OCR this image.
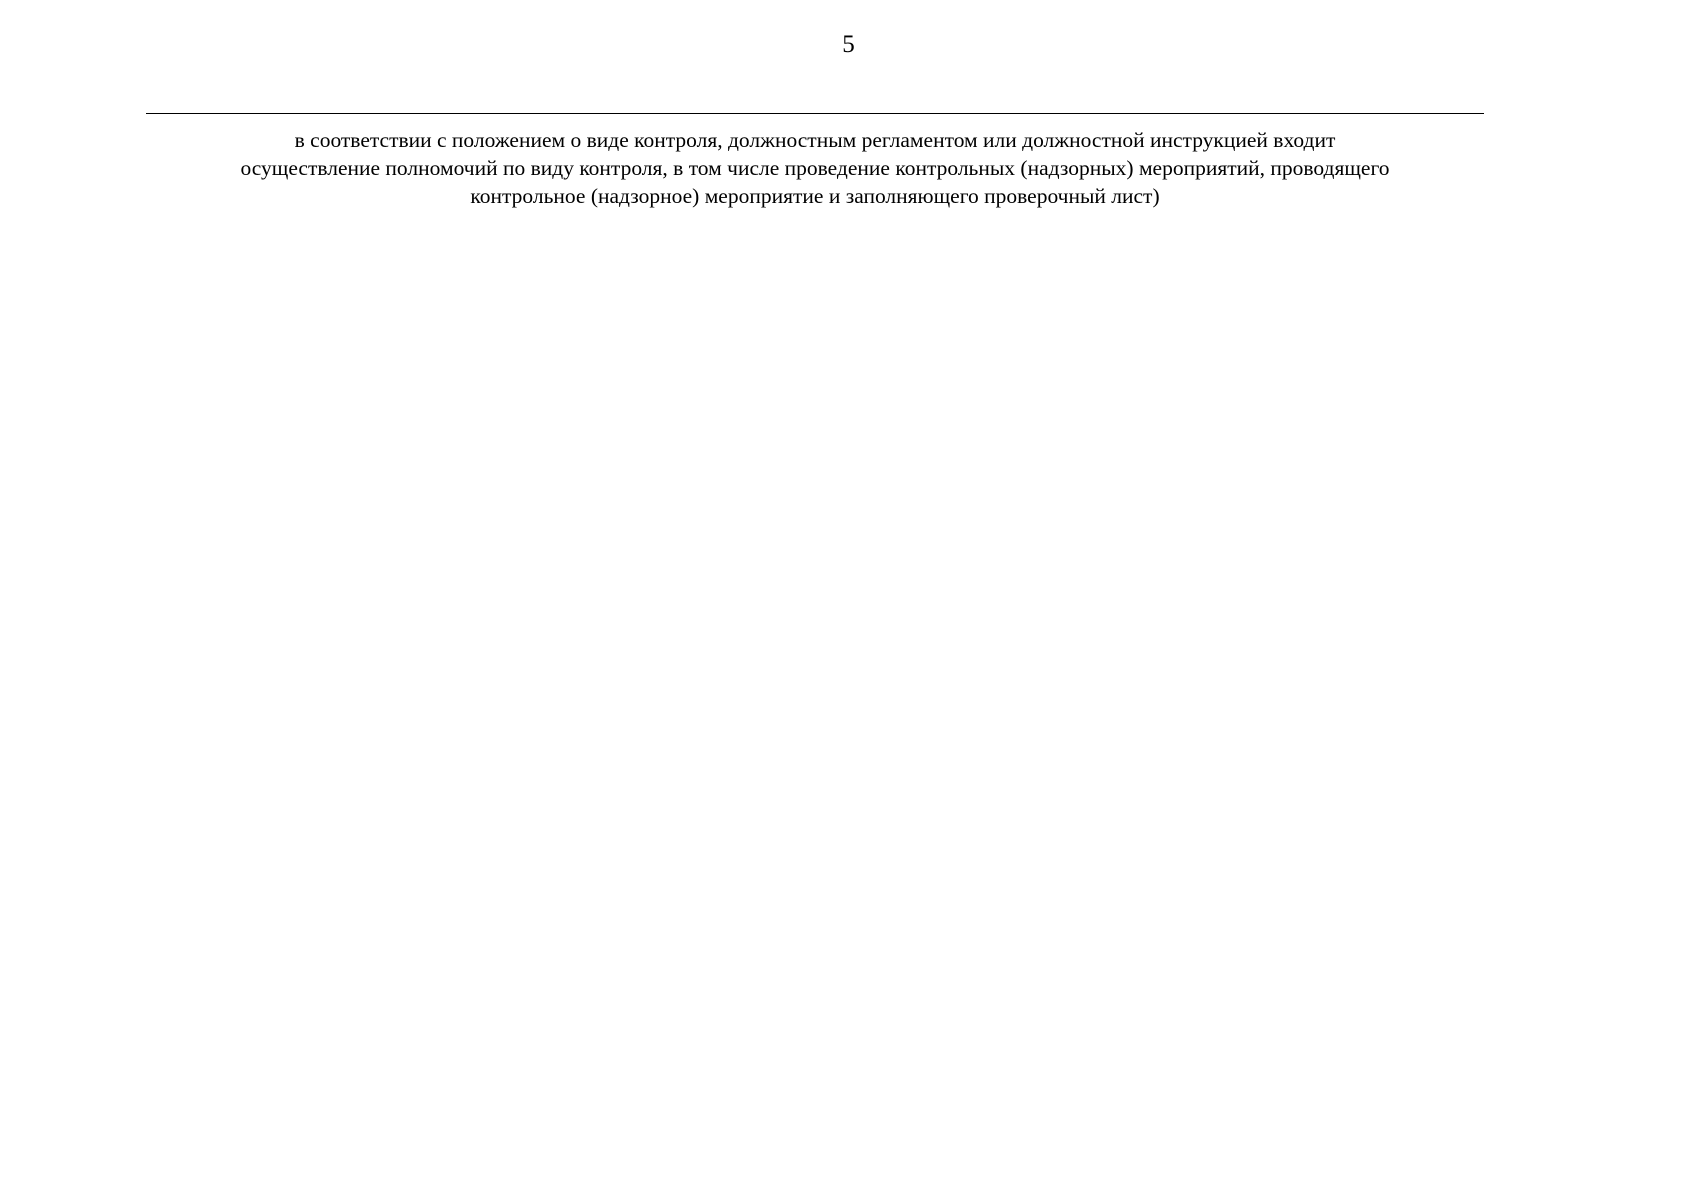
5
в соответствии с положением о виде контроля, должностным регламентом или должностной инструкцией входит
осуществление полномочий по виду контроля, в том числе проведение контрольных (надзорных) мероприятий, проводящего
контрольное (надзорное) мероприятие и заполняющего проверочный лист)
